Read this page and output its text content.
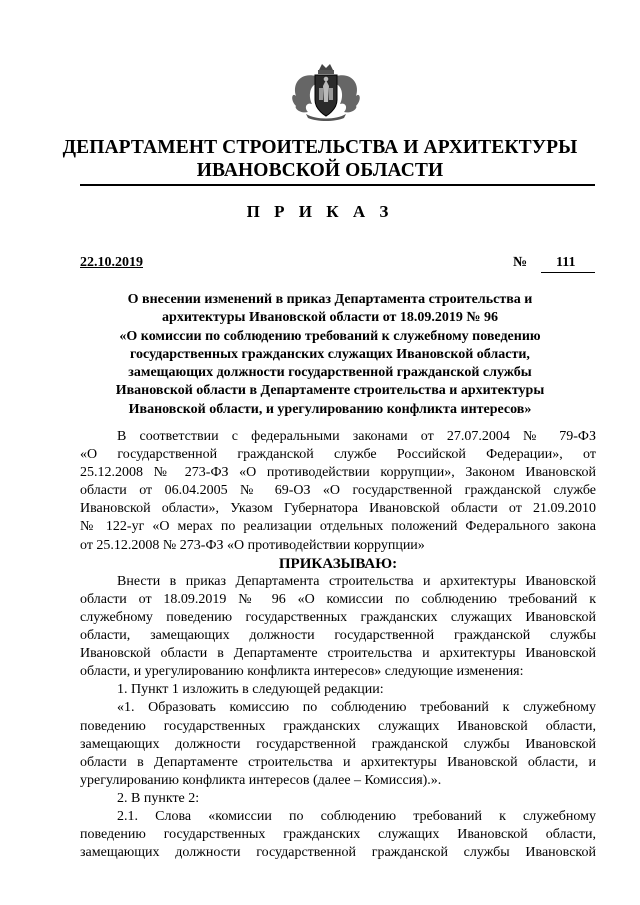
ДЕПАРТАМЕНТ СТРОИТЕЛЬСТВА И АРХИТЕКТУРЫ
ИВАНОВСКОЙ ОБЛАСТИ
П Р И К А З
22.10.2019	№ 111
О внесении изменений в приказ Департамента строительства и
архитектуры Ивановской области от 18.09.2019 № 96
«О комиссии по соблюдению требований к служебному поведению
государственных гражданских служащих Ивановской области,
замещающих должности государственной гражданской службы
Ивановской области в Департаменте строительства и архитектуры
Ивановской области, и урегулированию конфликта интересов»
В соответствии с федеральными законами от 27.07.2004 № 79-ФЗ
«О государственной гражданской службе Российской Федерации», от
25.12.2008 № 273-ФЗ «О противодействии коррупции», Законом Ивановской
области от 06.04.2005 № 69-ОЗ «О государственной гражданской службе
Ивановской области», Указом Губернатора Ивановской области от 21.09.2010
№ 122-уг «О мерах по реализации отдельных положений Федерального закона
от 25.12.2008 № 273-ФЗ «О противодействии коррупции»
ПРИКАЗЫВАЮ:
Внести в приказ Департамента строительства и архитектуры Ивановской
области от 18.09.2019 № 96 «О комиссии по соблюдению требований к
служебному поведению государственных гражданских служащих Ивановской
области, замещающих должности государственной гражданской службы
Ивановской области в Департаменте строительства и архитектуры Ивановской
области, и урегулированию конфликта интересов» следующие изменения:
1. Пункт 1 изложить в следующей редакции:
«1. Образовать комиссию по соблюдению требований к служебному
поведению государственных гражданских служащих Ивановской области,
замещающих должности государственной гражданской службы Ивановской
области в Департаменте строительства и архитектуры Ивановской области, и
урегулированию конфликта интересов (далее – Комиссия).».
2. В пункте 2:
2.1. Слова «комиссии по соблюдению требований к служебному
поведению государственных гражданских служащих Ивановской области,
замещающих должности государственной гражданской службы Ивановской
